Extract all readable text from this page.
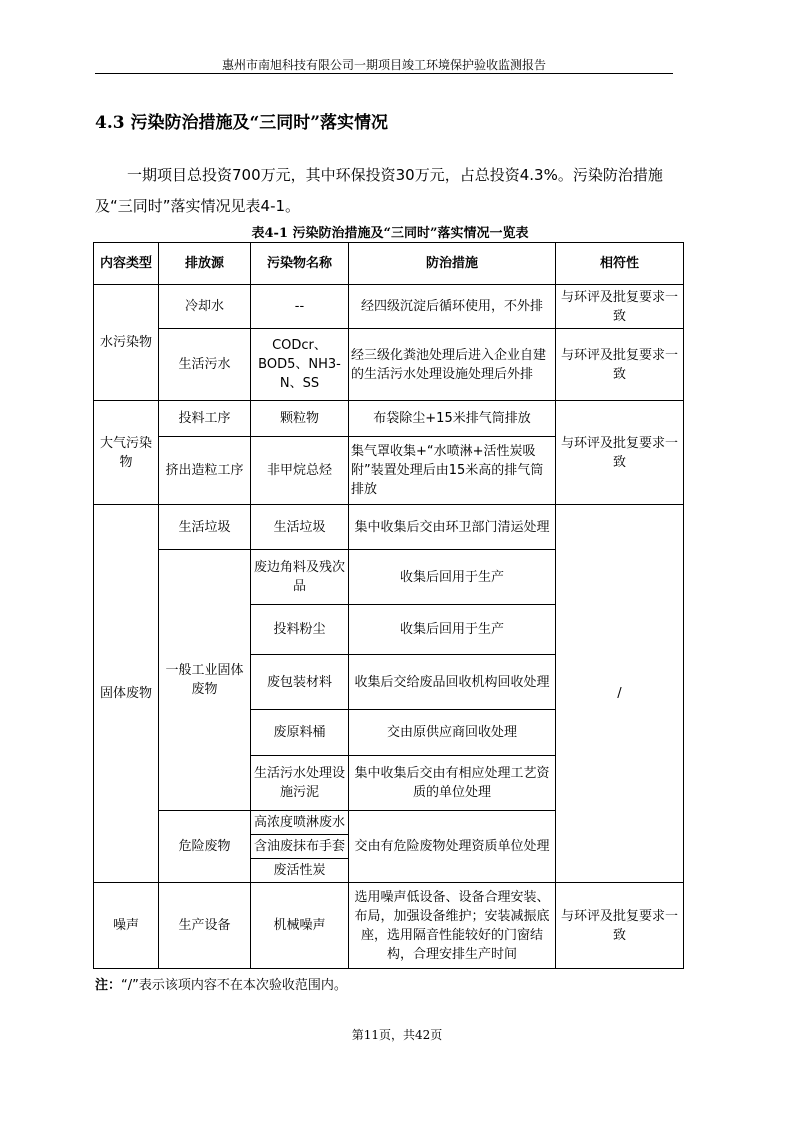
惠州市南旭科技有限公司一期项目竣工环境保护验收监测报告
4.3 污染防治措施及“三同时”落实情况
一期项目总投资700万元，其中环保投资30万元，占总投资4.3%。污染防治措施及“三同时”落实情况见表4-1。
表4-1 污染防治措施及“三同时”落实情况一览表
内容类型	排放源	污染物名称	防治措施	相符性
水污染物	冷却水	--	经四级沉淀后循环使用，不外排	与环评及批复要求一致
	生活污水	CODcr、BOD5、NH3-N、SS	经三级化粪池处理后进入企业自建的生活污水处理设施处理后外排	与环评及批复要求一致
大气污染物	投料工序	颗粒物	布袋除尘+15米排气筒排放	与环评及批复要求一致
	挤出造粒工序	非甲烷总烃	集气罩收集+“水喷淋+活性炭吸附”装置处理后由15米高的排气筒排放	
固体废物	生活垃圾	生活垃圾	集中收集后交由环卫部门清运处理	/
	一般工业固体废物	废边角料及残次品	收集后回用于生产	
		投料粉尘	收集后回用于生产	
		废包装材料	收集后交给废品回收机构回收处理	
		废原料桶	交由原供应商回收处理	
		生活污水处理设施污泥	集中收集后交由有相应处理工艺资质的单位处理	
	危险废物	高浓度喷淋废水	交由有危险废物处理资质单位处理	
		含油废抹布手套		
		废活性炭		
噪声	生产设备	机械噪声	选用噪声低设备、设备合理安装、布局，加强设备维护；安装减振底座，选用隔音性能较好的门窗结构，合理安排生产时间	与环评及批复要求一致
注：“/”表示该项内容不在本次验收范围内。
第11页，共42页
